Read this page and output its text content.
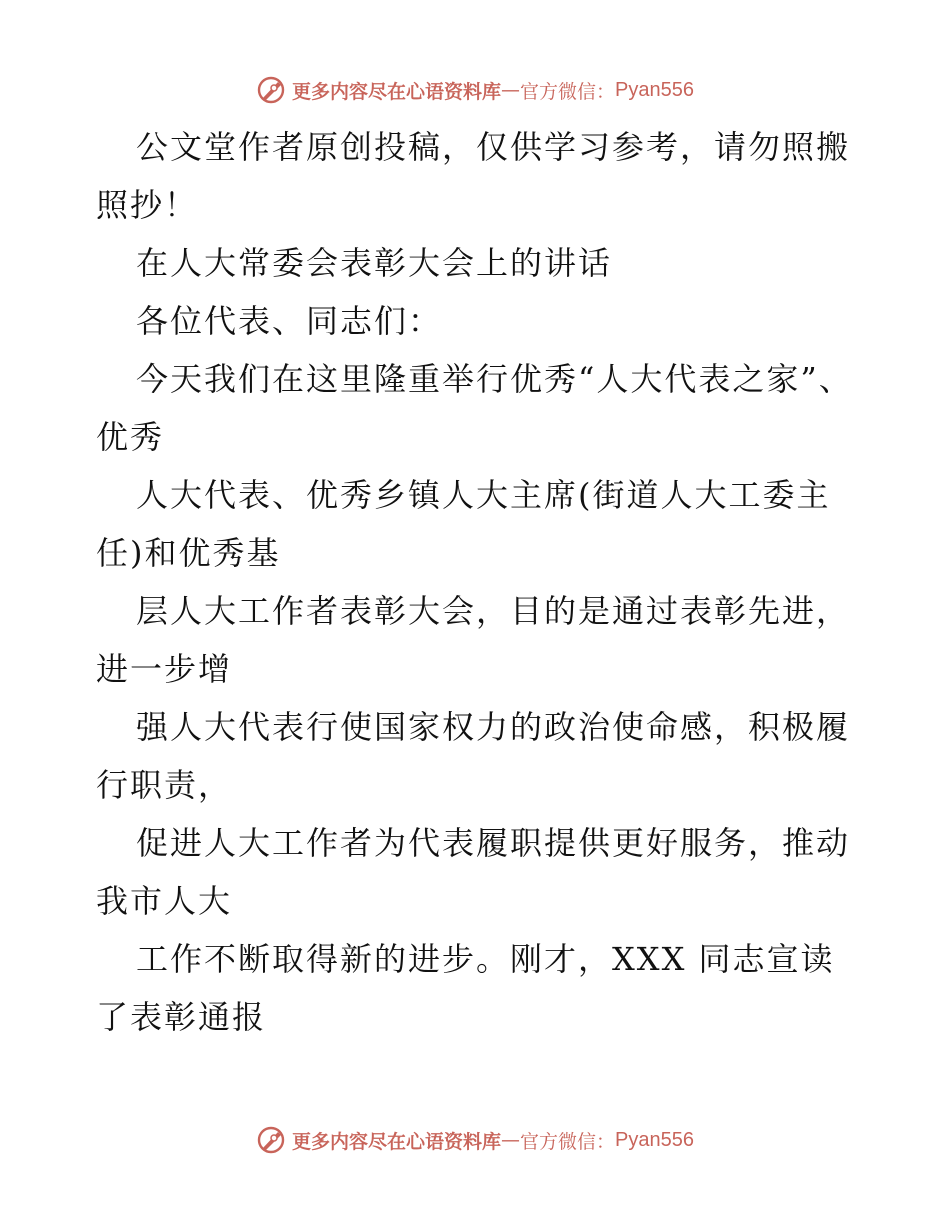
更多内容尽在心语资料库 — 官方微信： Pyan556

公文堂作者原创投稿，仅供学习参考，请勿照搬照抄！

在人大常委会表彰大会上的讲话

各位代表、同志们：

今天我们在这里隆重举行优秀“人大代表之家”、优秀

人大代表、优秀乡镇人大主席(街道人大工委主任)和优秀基

层人大工作者表彰大会，目的是通过表彰先进，进一步增

强人大代表行使国家权力的政治使命感，积极履行职责，

促进人大工作者为代表履职提供更好服务，推动我市人大

工作不断取得新的进步。刚才，XXX 同志宣读了表彰通报

更多内容尽在心语资料库 — 官方微信： Pyan556
